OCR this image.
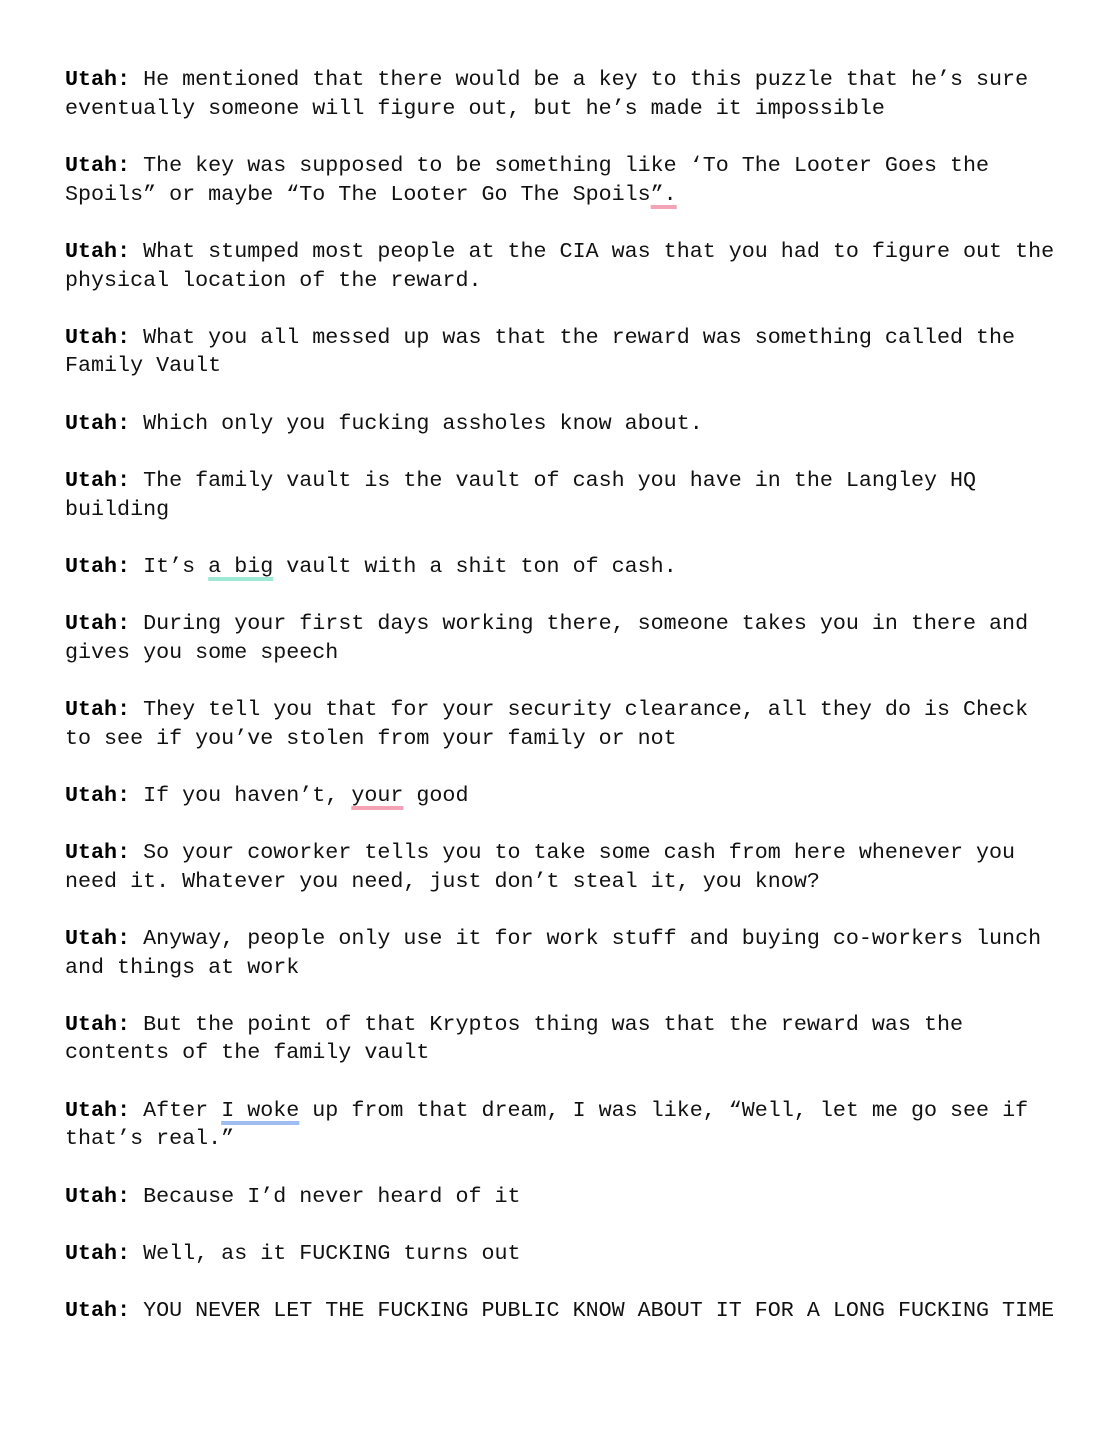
Utah: He mentioned that there would be a key to this puzzle that he’s sure eventually someone will figure out, but he’s made it impossible

Utah: The key was supposed to be something like ‘To The Looter Goes the Spoils” or maybe “To The Looter Go The Spoils”.

Utah: What stumped most people at the CIA was that you had to figure out the physical location of the reward.

Utah: What you all messed up was that the reward was something called the Family Vault

Utah: Which only you fucking assholes know about.

Utah: The family vault is the vault of cash you have in the Langley HQ building

Utah: It’s a big vault with a shit ton of cash.

Utah: During your first days working there, someone takes you in there and gives you some speech

Utah: They tell you that for your security clearance, all they do is Check to see if you’ve stolen from your family or not

Utah: If you haven’t, your good

Utah: So your coworker tells you to take some cash from here whenever you need it. Whatever you need, just don’t steal it, you know?

Utah: Anyway, people only use it for work stuff and buying co-workers lunch and things at work

Utah: But the point of that Kryptos thing was that the reward was the contents of the family vault

Utah: After I woke up from that dream, I was like, “Well, let me go see if that’s real.”

Utah: Because I’d never heard of it

Utah: Well, as it FUCKING turns out

Utah: YOU NEVER LET THE FUCKING PUBLIC KNOW ABOUT IT FOR A LONG FUCKING TIME
